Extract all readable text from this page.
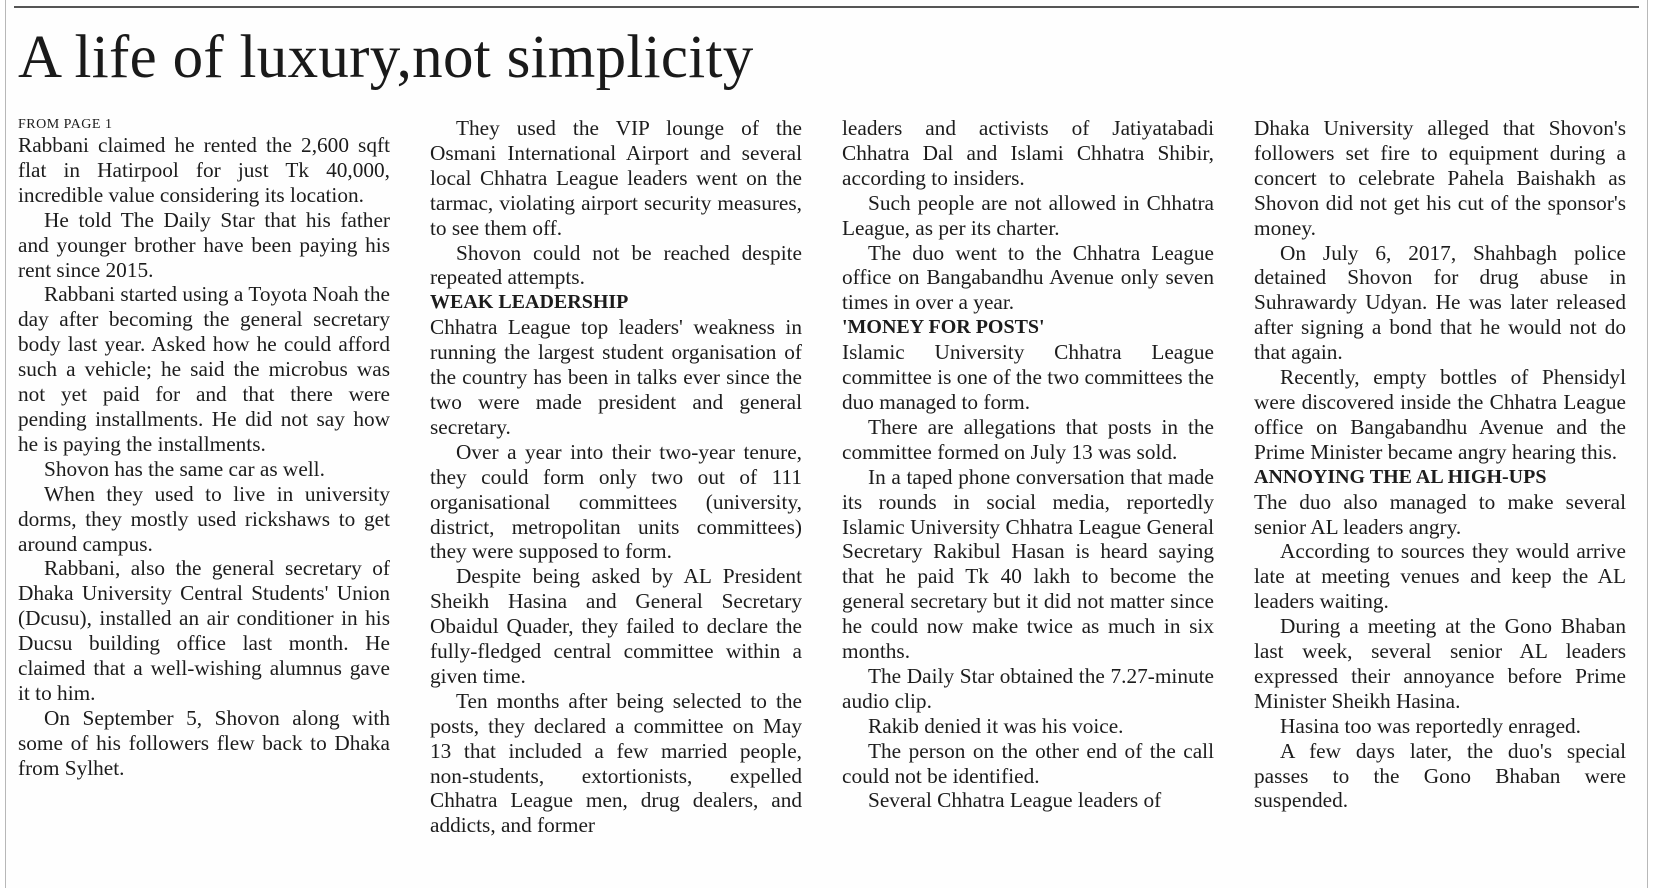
A life of luxury,not simplicity
FROM PAGE 1

Rabbani claimed he rented the 2,600 sqft flat in Hatirpool for just Tk 40,000, incredible value considering its location.

He told The Daily Star that his father and younger brother have been paying his rent since 2015.

Rabbani started using a Toyota Noah the day after becoming the general secretary body last year. Asked how he could afford such a vehicle; he said the microbus was not yet paid for and that there were pending installments. He did not say how he is paying the installments.

Shovon has the same car as well.

When they used to live in university dorms, they mostly used rickshaws to get around campus.

Rabbani, also the general secretary of Dhaka University Central Students' Union (Dcusu), installed an air conditioner in his Ducsu building office last month. He claimed that a well-wishing alumnus gave it to him.

On September 5, Shovon along with some of his followers flew back to Dhaka from Sylhet.

They used the VIP lounge of the Osmani International Airport and several local Chhatra League leaders went on the tarmac, violating airport security measures, to see them off.

Shovon could not be reached despite repeated attempts.

WEAK LEADERSHIP

Chhatra League top leaders' weakness in running the largest student organisation of the country has been in talks ever since the two were made president and general secretary.

Over a year into their two-year tenure, they could form only two out of 111 organisational committees (university, district, metropolitan units committees) they were supposed to form.

Despite being asked by AL President Sheikh Hasina and General Secretary Obaidul Quader, they failed to declare the fully-fledged central committee within a given time.

Ten months after being selected to the posts, they declared a committee on May 13 that included a few married people, non-students, extortionists, expelled Chhatra League men, drug dealers, and addicts, and former

leaders and activists of Jatiyatabadi Chhatra Dal and Islami Chhatra Shibir, according to insiders.

Such people are not allowed in Chhatra League, as per its charter.

The duo went to the Chhatra League office on Bangabandhu Avenue only seven times in over a year.

'MONEY FOR POSTS'

Islamic University Chhatra League committee is one of the two committees the duo managed to form.

There are allegations that posts in the committee formed on July 13 was sold.

In a taped phone conversation that made its rounds in social media, reportedly Islamic University Chhatra League General Secretary Rakibul Hasan is heard saying that he paid Tk 40 lakh to become the general secretary but it did not matter since he could now make twice as much in six months.

The Daily Star obtained the 7.27-minute audio clip.

Rakib denied it was his voice.

The person on the other end of the call could not be identified.

Several Chhatra League leaders of

Dhaka University alleged that Shovon's followers set fire to equipment during a concert to celebrate Pahela Baishakh as Shovon did not get his cut of the sponsor's money.

On July 6, 2017, Shahbagh police detained Shovon for drug abuse in Suhrawardy Udyan. He was later released after signing a bond that he would not do that again.

Recently, empty bottles of Phensidyl were discovered inside the Chhatra League office on Bangabandhu Avenue and the Prime Minister became angry hearing this.

ANNOYING THE AL HIGH-UPS

The duo also managed to make several senior AL leaders angry.

According to sources they would arrive late at meeting venues and keep the AL leaders waiting.

During a meeting at the Gono Bhaban last week, several senior AL leaders expressed their annoyance before Prime Minister Sheikh Hasina.

Hasina too was reportedly enraged.

A few days later, the duo's special passes to the Gono Bhaban were suspended.
